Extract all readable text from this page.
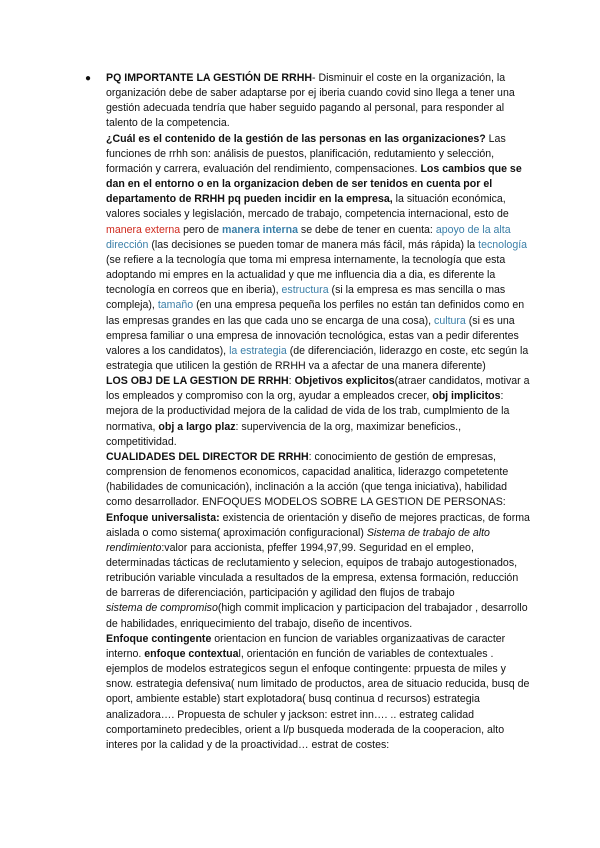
● PQ IMPORTANTE LA GESTIÓN DE RRHH- Disminuir el coste en la organización, la organización debe de saber adaptarse por ej iberia cuando covid sino llega a tener una gestión adecuada tendría que haber seguido pagando al personal, para responder al talento de la competencia.

¿Cuál es el contenido de la gestión de las personas en las organizaciones? Las funciones de rrhh son: análisis de puestos, planificación, redutamiento y selección, formación y carrera, evaluación del rendimiento, compensaciones. Los cambios que se dan en el entorno o en la organizacion deben de ser tenidos en cuenta por el departamento de RRHH pq pueden incidir en la empresa, la situación económica, valores sociales y legislación, mercado de trabajo, competencia internacional, esto de manera externa pero de manera interna se debe de tener en cuenta: apoyo de la alta dirección (las decisiones se pueden tomar de manera más fácil, más rápida) la tecnología (se refiere a la tecnología que toma mi empresa internamente, la tecnología que esta adoptando mi empres en la actualidad y que me influencia dia a dia, es diferente la tecnología en correos que en iberia), estructura (si la empresa es mas sencilla o mas compleja), tamaño (en una empresa pequeña los perfiles no están tan definidos como en las empresas grandes en las que cada uno se encarga de una cosa), cultura (si es una empresa familiar o una empresa de innovación tecnológica, estas van a pedir diferentes valores a los candidatos), la estrategia (de diferenciación, liderazgo en coste, etc según la estrategia que utilicen la gestión de RRHH va a afectar de una manera diferente)

LOS OBJ DE LA GESTION DE RRHH: Objetivos explicitos(atraer candidatos, motivar a los empleados y compromiso con la org, ayudar a empleados crecer, obj implicitos: mejora de la productividad mejora de la calidad de vida de los trab, cumplmiento de la normativa, obj a largo plaz: supervivencia de la org, maximizar beneficios., competitividad.

CUALIDADES DEL DIRECTOR DE RRHH: conocimiento de gestión de empresas, comprension de fenomenos economicos, capacidad analitica, liderazgo competetente (habilidades de comunicación), inclinación a la acción (que tenga iniciativa), habilidad como desarrollador. ENFOQUES MODELOS SOBRE LA GESTION DE PERSONAS: Enfoque universalista: existencia de orientación y diseño de mejores practicas, de forma aislada o como sistema( aproximación configuracional) Sistema de trabajo de alto rendimiento:valor para accionista, pfeffer 1994,97,99. Seguridad en el empleo, determinadas tácticas de reclutamiento y selecion, equipos de trabajo autogestionados, retribución variable vinculada a resultados de la empresa, extensa formación, reducción de barreras de diferenciación, participación y agilidad den flujos de trabajo

sistema de compromiso(high commit implicacion y participacion del trabajador , desarrollo de habilidades, enriquecimiento del trabajo, diseño de incentivos.

Enfoque contingente orientacion en funcion de variables organizaativas de caracter interno. enfoque contextual, orientación en función de variables de contextuales . ejemplos de modelos estrategicos segun el enfoque contingente: prpuesta de miles y snow. estrategia defensiva( num limitado de productos, area de situacio reducida, busq de oport, ambiente estable) start explotadora( busq continua d recursos) estrategia analizadora…. Propuesta de schuler y jackson: estret inn…. .. estrateg calidad comportamineto predecibles, orient a l/p busqueda moderada de la cooperacion, alto interes por la calidad y de la proactividad… estrat de costes:
